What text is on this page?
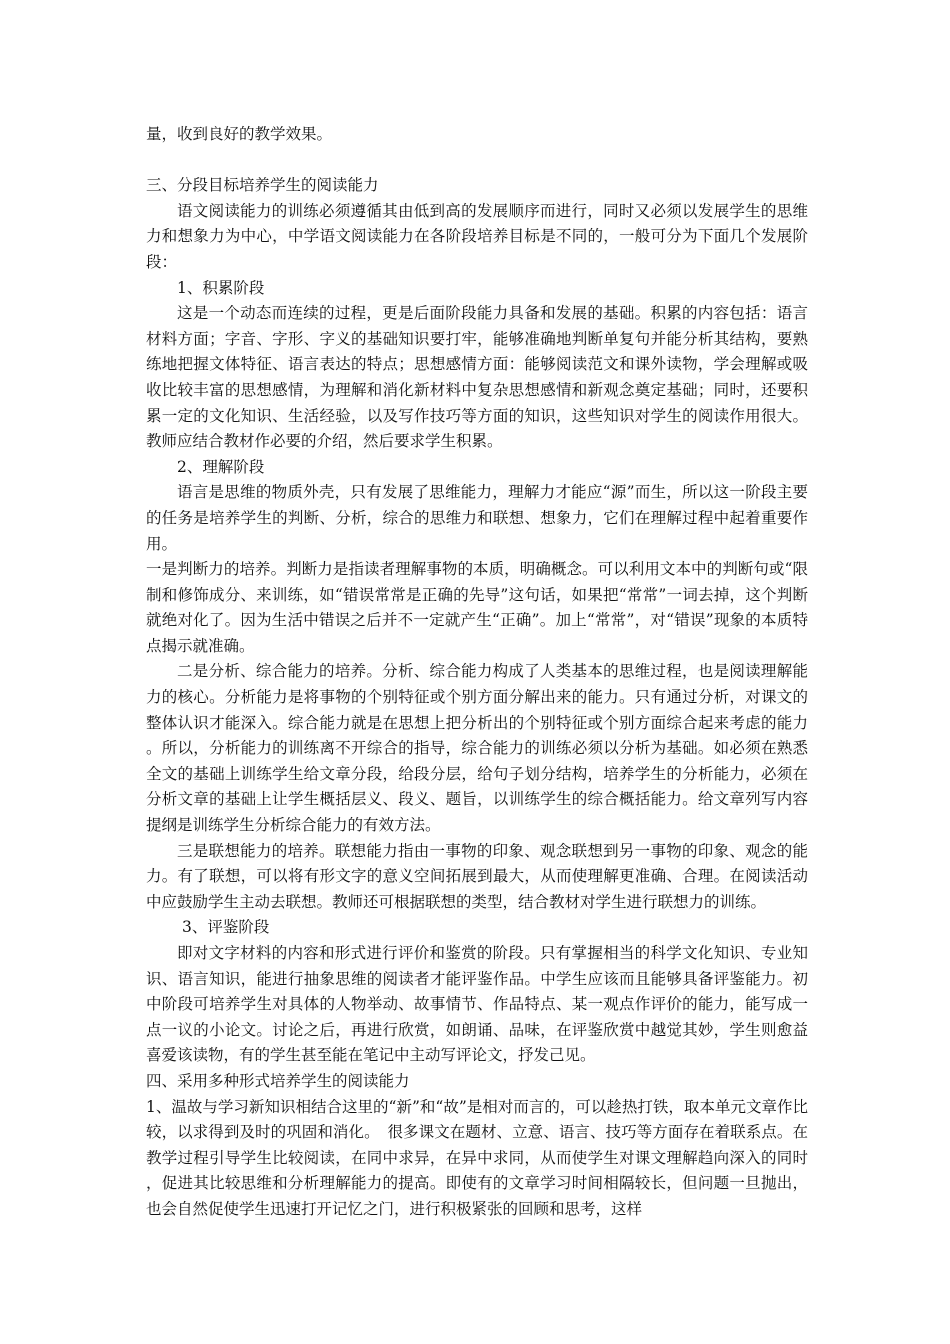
量，收到良好的教学效果。

三、分段目标培养学生的阅读能力

语文阅读能力的训练必须遵循其由低到高的发展顺序而进行，同时又必须以发展学生的思维力和想象力为中心，中学语文阅读能力在各阶段培养目标是不同的，一般可分为下面几个发展阶段：

1、积累阶段

这是一个动态而连续的过程，更是后面阶段能力具备和发展的基础。积累的内容包括：语言材料方面；字音、字形、字义的基础知识要打牢，能够准确地判断单复句并能分析其结构，要熟练地把握文体特征、语言表达的特点；思想感情方面：能够阅读范文和课外读物，学会理解或吸收比较丰富的思想感情，为理解和消化新材料中复杂思想感情和新观念奠定基础；同时，还要积累一定的文化知识、生活经验，以及写作技巧等方面的知识，这些知识对学生的阅读作用很大。教师应结合教材作必要的介绍，然后要求学生积累。

2、理解阶段

语言是思维的物质外壳，只有发展了思维能力，理解力才能应“源”而生，所以这一阶段主要的任务是培养学生的判断、分析，综合的思维力和联想、想象力，它们在理解过程中起着重要作用。

一是判断力的培养。判断力是指读者理解事物的本质，明确概念。可以利用文本中的判断句或“限制和修饰成分、来训练，如“错误常常是正确的先导”这句话，如果把“常常”一词去掉，这个判断就绝对化了。因为生活中错误之后并不一定就产生“正确”。加上“常常”，对“错误”现象的本质特点揭示就准确。

二是分析、综合能力的培养。分析、综合能力构成了人类基本的思维过程，也是阅读理解能力的核心。分析能力是将事物的个别特征或个别方面分解出来的能力。只有通过分析，对课文的整体认识才能深入。综合能力就是在思想上把分析出的个别特征或个别方面综合起来考虑的能力。所以，分析能力的训练离不开综合的指导，综合能力的训练必须以分析为基础。如必须在熟悉全文的基础上训练学生给文章分段，给段分层，给句子划分结构，培养学生的分析能力，必须在分析文章的基础上让学生概括层义、段义、题旨，以训练学生的综合概括能力。给文章列写内容提纲是训练学生分析综合能力的有效方法。

三是联想能力的培养。联想能力指由一事物的印象、观念联想到另一事物的印象、观念的能力。有了联想，可以将有形文字的意义空间拓展到最大，从而使理解更准确、合理。在阅读活动中应鼓励学生主动去联想。教师还可根据联想的类型，结合教材对学生进行联想力的训练。

3、评鉴阶段

即对文字材料的内容和形式进行评价和鉴赏的阶段。只有掌握相当的科学文化知识、专业知识、语言知识，能进行抽象思维的阅读者才能评鉴作品。中学生应该而且能够具备评鉴能力。初中阶段可培养学生对具体的人物举动、故事情节、作品特点、某一观点作评价的能力，能写成一点一议的小论文。讨论之后，再进行欣赏，如朗诵、品味，在评鉴欣赏中越觉其妙，学生则愈益喜爱该读物，有的学生甚至能在笔记中主动写评论文，抒发己见。

四、采用多种形式培养学生的阅读能力

1、温故与学习新知识相结合这里的“新”和“故”是相对而言的，可以趁热打铁，取本单元文章作比较，以求得到及时的巩固和消化。　很多课文在题材、立意、语言、技巧等方面存在着联系点。在教学过程引导学生比较阅读，在同中求异，在异中求同，从而使学生对课文理解趋向深入的同时，促进其比较思维和分析理解能力的提高。即使有的文章学习时间相隔较长，但问题一旦抛出，也会自然促使学生迅速打开记忆之门，进行积极紧张的回顾和思考，这样
